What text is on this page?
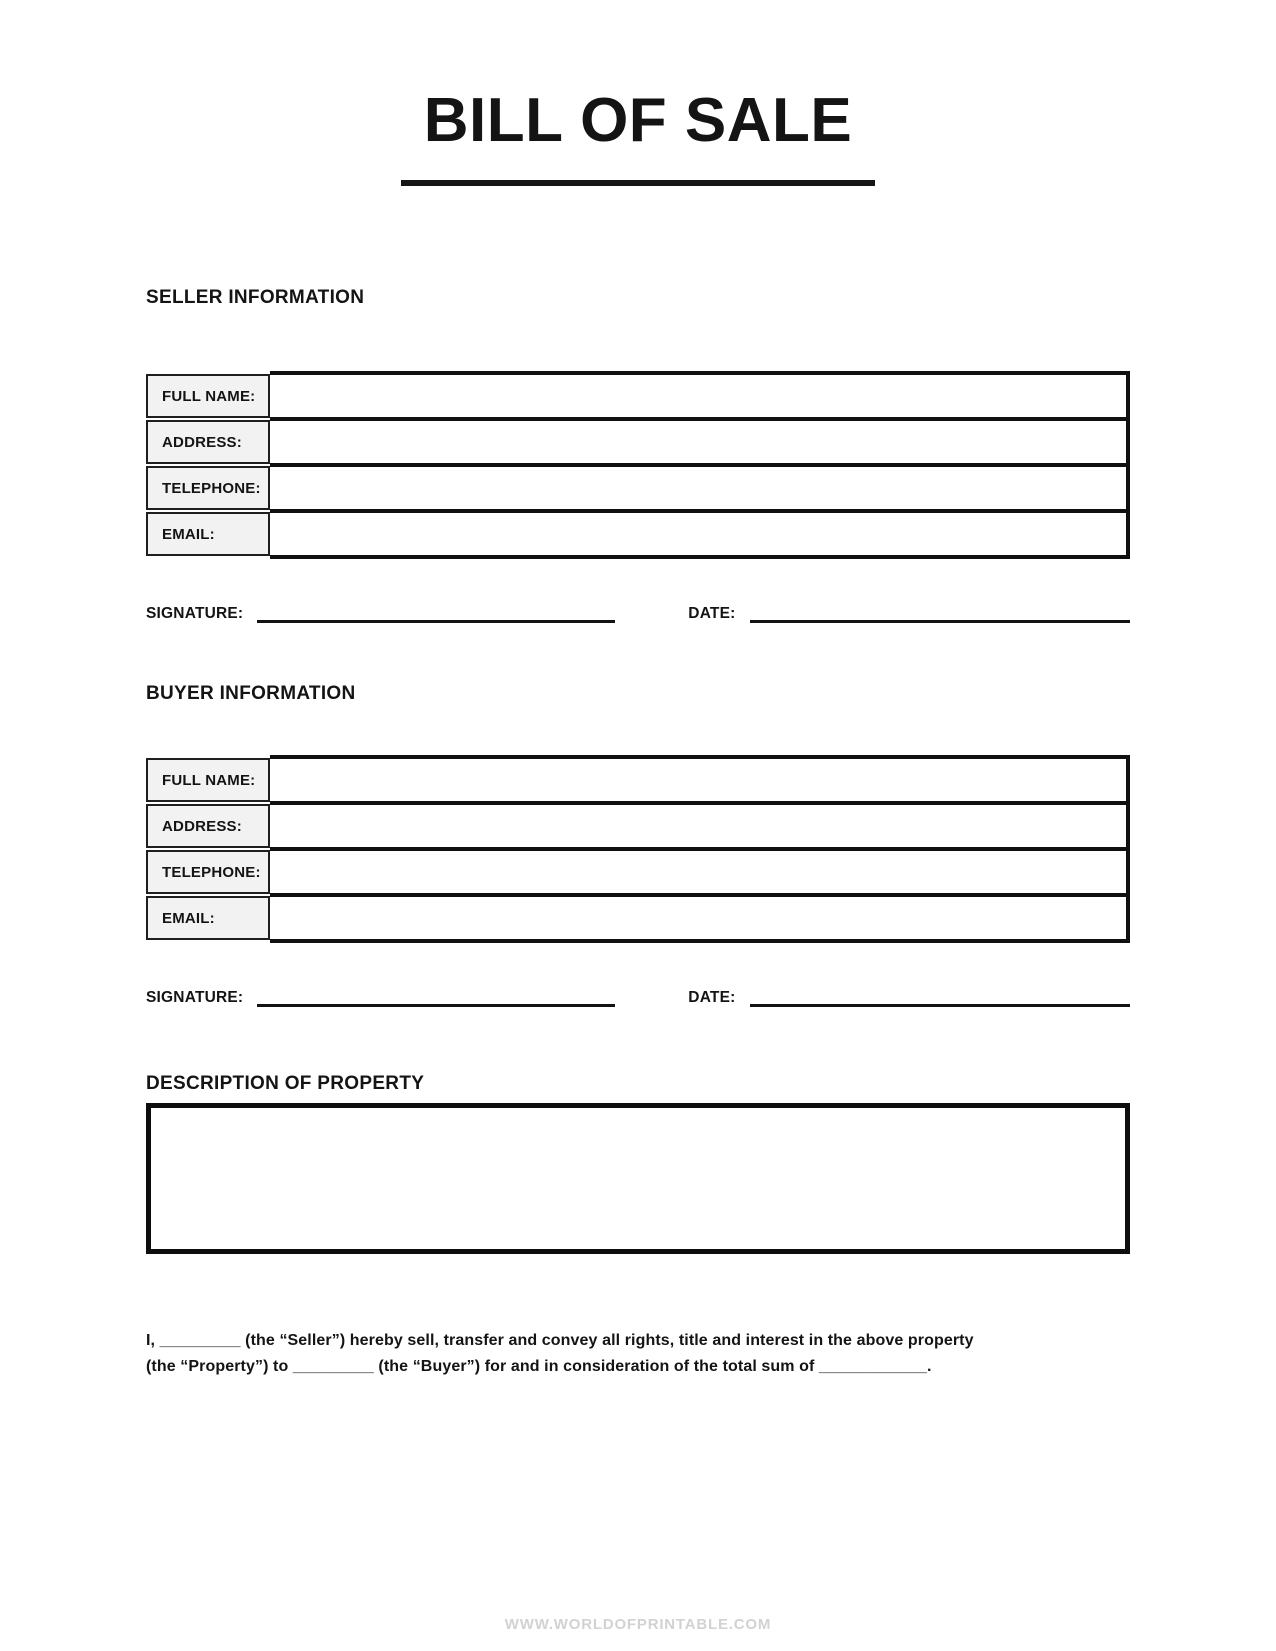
BILL OF SALE
SELLER INFORMATION
FULL NAME:
ADDRESS:
TELEPHONE:
EMAIL:
SIGNATURE:	DATE:
BUYER INFORMATION
FULL NAME:
ADDRESS:
TELEPHONE:
EMAIL:
SIGNATURE:	DATE:
DESCRIPTION OF PROPERTY
I, _________ (the “Seller”) hereby sell, transfer and convey all rights, title and interest in the above property
(the “Property”) to _________ (the “Buyer”) for and in consideration of the total sum of ____________.
WWW.WORLDOFPRINTABLE.COM
